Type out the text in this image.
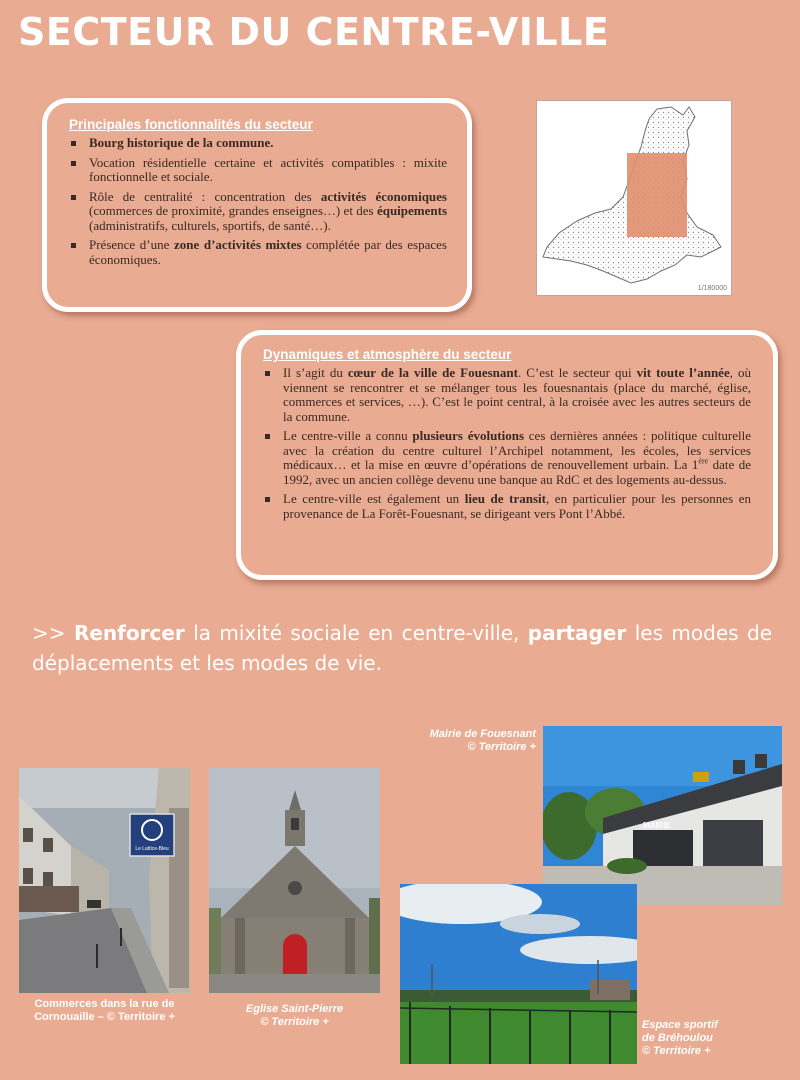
SECTEUR DU CENTRE-VILLE
Principales fonctionnalités du secteur
Bourg historique de la commune.
Vocation résidentielle certaine et activités compatibles : mixite fonctionnelle et sociale.
Rôle de centralité : concentration des activités économiques (commerces de proximité, grandes enseignes…) et des équipements (administratifs, culturels, sportifs, de santé…).
Présence d’une zone d’activités mixtes complétée par des espaces économiques.
1/180000
Dynamiques et atmosphère du secteur
Il s’agit du cœur de la ville de Fouesnant. C’est le secteur qui vit toute l’année, où viennent se rencontrer et se mélanger tous les fouesnantais (place du marché, église, commerces et services, …). C’est le point central, à la croisée avec les autres secteurs de la commune.
Le centre-ville a connu plusieurs évolutions ces dernières années : politique culturelle avec la création du centre culturel l’Archipel notamment, les écoles, les services médicaux… et la mise en œuvre d’opérations de renouvellement urbain. La 1ère date de 1992, avec un ancien collège devenu une banque au RdC et des logements au-dessus.
Le centre-ville est également un lieu de transit, en particulier pour les personnes en provenance de La Forêt-Fouesnant, se dirigeant vers Pont l’Abbé.

>> Renforcer la mixité sociale en centre-ville, partager les modes de déplacements et les modes de vie.

Le Lattice-Bleu
Commerces dans la rue de
Cornouaille – © Territoire +
Eglise Saint-Pierre
© Territoire +
MAIRIE
Mairie de Fouesnant
© Territoire +
Espace sportif
de Bréhoulou
© Territoire +
